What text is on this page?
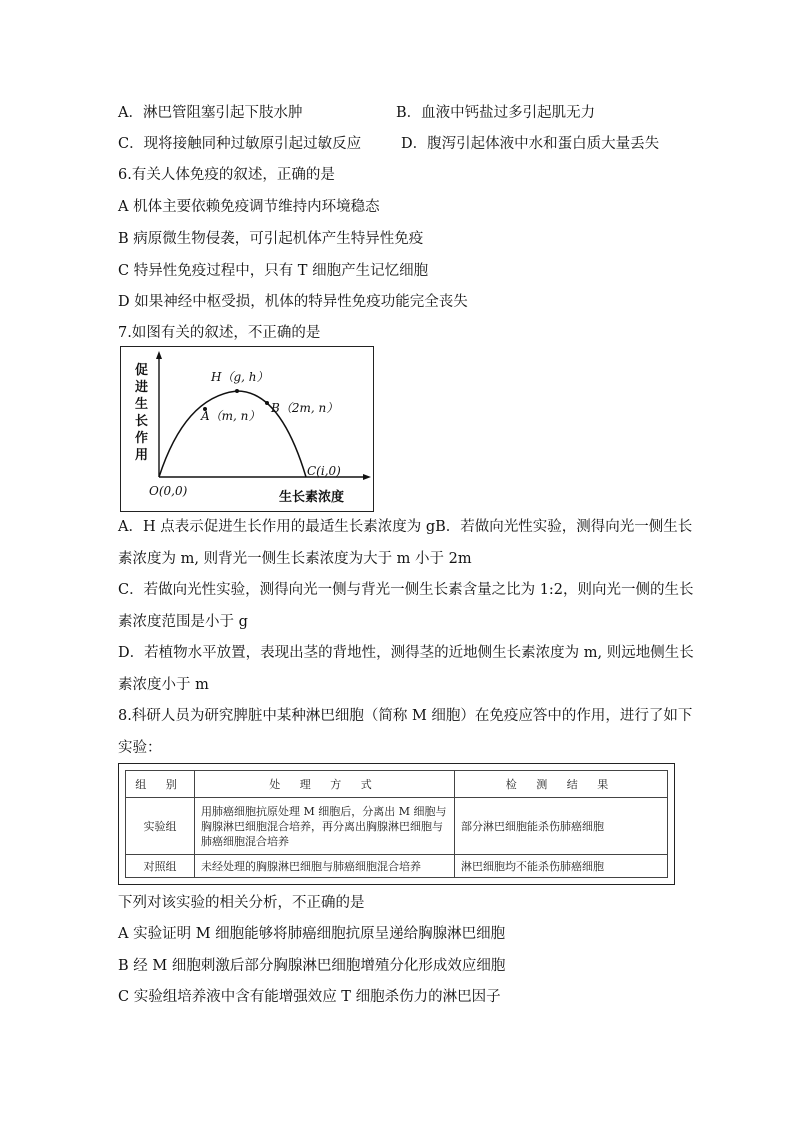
A．淋巴管阻塞引起下肢水肿	B．血液中钙盐过多引起肌无力
C．现将接触同种过敏原引起过敏反应	D．腹泻引起体液中水和蛋白质大量丢失
6.有关人体免疫的叙述，正确的是
A 机体主要依赖免疫调节维持内环境稳态
B 病原微生物侵袭，可引起机体产生特异性免疫
C 特异性免疫过程中，只有 T 细胞产生记忆细胞
D 如果神经中枢受损，机体的特异性免疫功能完全丧失
7.如图有关的叙述，不正确的是
促 进 生 长 作 用
H（g, h）
A（m, n）
B（2m, n）
C(i,0)
O(0,0)	生长素浓度
A．H 点表示促进生长作用的最适生长素浓度为 gB．若做向光性实验，测得向光一侧生长
素浓度为 m, 则背光一侧生长素浓度为大于 m 小于 2m
C．若做向光性实验，测得向光一侧与背光一侧生长素含量之比为 1:2，则向光一侧的生长
素浓度范围是小于 g
D．若植物水平放置，表现出茎的背地性，测得茎的近地侧生长素浓度为 m, 则远地侧生长
素浓度小于 m
8.科研人员为研究脾脏中某种淋巴细胞（简称 M 细胞）在免疫应答中的作用，进行了如下
实验：
组 别	处 理 方 式	检 测 结 果
实验组	用肺癌细胞抗原处理 M 细胞后，分离出 M 细胞与胸腺淋巴细胞混合培养，再分离出胸腺淋巴细胞与肺癌细胞混合培养	部分淋巴细胞能杀伤肺癌细胞
对照组	未经处理的胸腺淋巴细胞与肺癌细胞混合培养	淋巴细胞均不能杀伤肺癌细胞
下列对该实验的相关分析，不正确的是
A 实验证明 M 细胞能够将肺癌细胞抗原呈递给胸腺淋巴细胞
B 经 M 细胞刺激后部分胸腺淋巴细胞增殖分化形成效应细胞
C 实验组培养液中含有能增强效应 T 细胞杀伤力的淋巴因子
